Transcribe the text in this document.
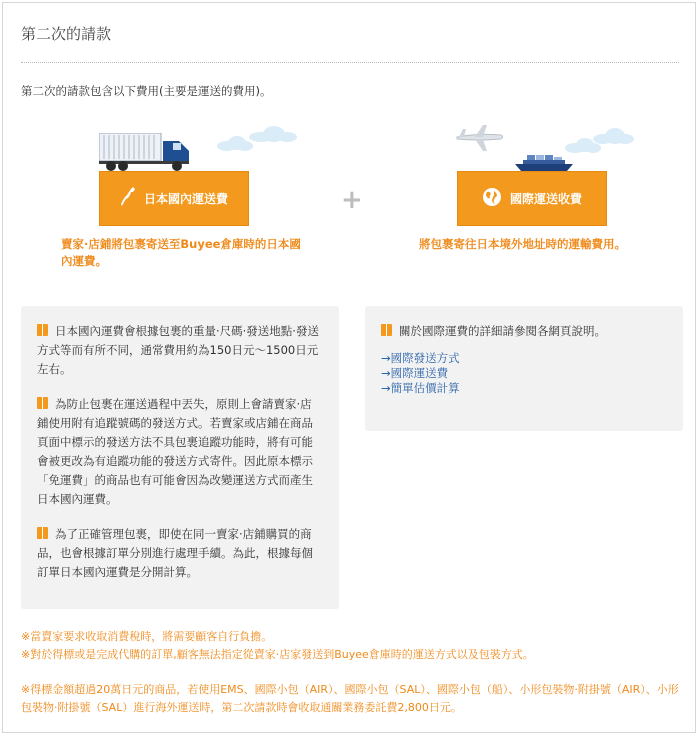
第二次的請款
第二次的請款包含以下費用(主要是運送的費用)。
日本國內運送費	+	國際運送收費
賣家·店鋪將包裹寄送至Buyee倉庫時的日本國內運費。
將包裹寄往日本境外地址時的運輸費用。
日本國內運費會根據包裹的重量·尺碼·發送地點·發送方式等而有所不同，通常費用約為150日元～1500日元左右。
為防止包裹在運送過程中丟失，原則上會請賣家·店鋪使用附有追蹤號碼的發送方式。若賣家或店鋪在商品頁面中標示的發送方法不具包裹追蹤功能時，將有可能會被更改為有追蹤功能的發送方式寄件。因此原本標示「免運費」的商品也有可能會因為改變運送方式而產生日本國內運費。
為了正確管理包裹，即使在同一賣家·店鋪購買的商品，也會根據訂單分別進行處理手續。為此，根據每個訂單日本國內運費是分開計算。
關於國際運費的詳細請參閱各網頁說明。
→國際發送方式
→國際運送費
→簡單估價計算
※當賣家要求收取消費稅時，將需要顧客自行負擔。
※對於得標或是完成代購的訂單,顧客無法指定從賣家·店家發送到Buyee倉庫時的運送方式以及包裝方式。
※得標金額超過20萬日元的商品，若使用EMS、國際小包（AIR）、國際小包（SAL）、國際小包（船）、小形包裝物·附掛號（AIR）、小形包裝物·附掛號（SAL）進行海外運送時，第二次請款時會收取通關業務委託費2,800日元。
